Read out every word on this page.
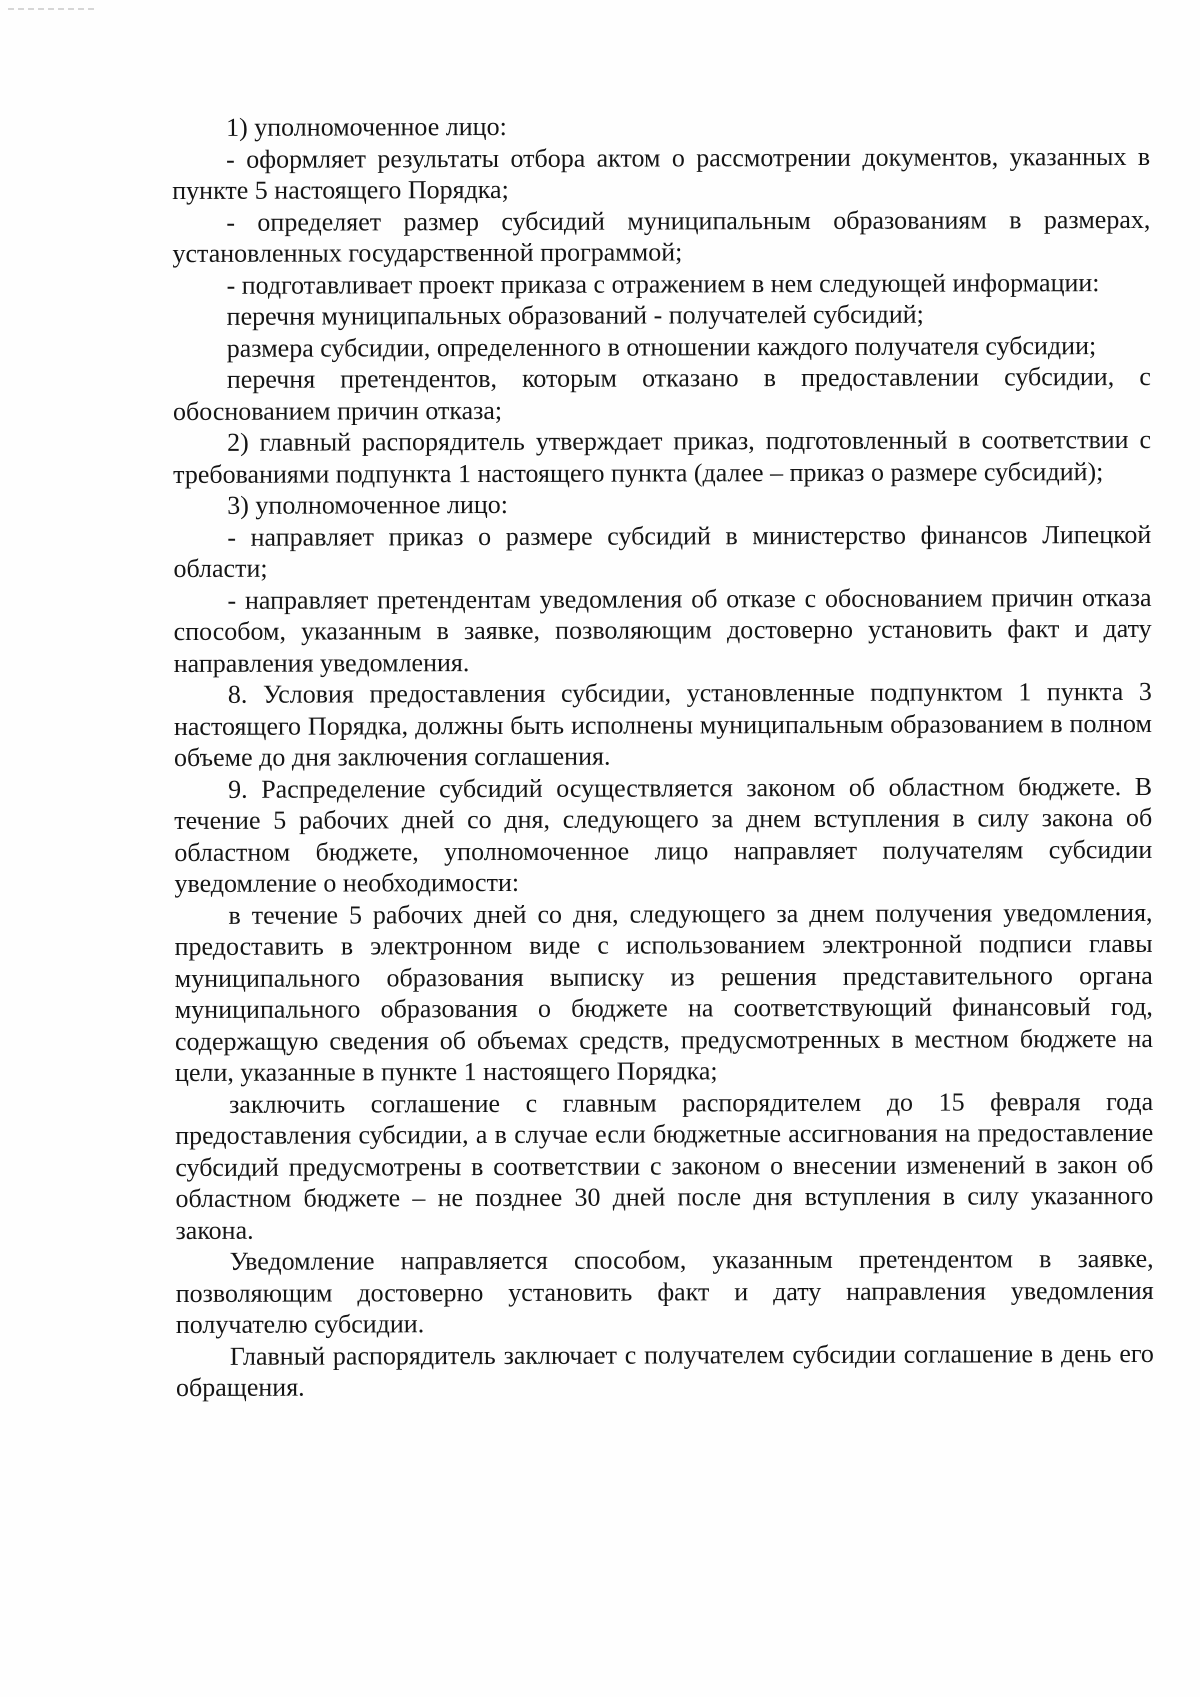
1) уполномоченное лицо:

- оформляет результаты отбора актом о рассмотрении документов, указанных в пункте 5 настоящего Порядка;

- определяет размер субсидий муниципальным образованиям в размерах, установленных государственной программой;

- подготавливает проект приказа с отражением в нем следующей информации:

перечня муниципальных образований - получателей субсидий;

размера субсидии, определенного в отношении каждого получателя субсидии;

перечня претендентов, которым отказано в предоставлении субсидии, с обоснованием причин отказа;

2) главный распорядитель утверждает приказ, подготовленный в соответствии с требованиями подпункта 1 настоящего пункта (далее – приказ о размере субсидий);

3) уполномоченное лицо:

- направляет приказ о размере субсидий в министерство финансов Липецкой области;

- направляет претендентам уведомления об отказе с обоснованием причин отказа способом, указанным в заявке, позволяющим достоверно установить факт и дату направления уведомления.

8. Условия предоставления субсидии, установленные подпунктом 1 пункта 3 настоящего Порядка, должны быть исполнены муниципальным образованием в полном объеме до дня заключения соглашения.

9. Распределение субсидий осуществляется законом об областном бюджете. В течение 5 рабочих дней со дня, следующего за днем вступления в силу закона об областном бюджете, уполномоченное лицо направляет получателям субсидии уведомление о необходимости:

в течение 5 рабочих дней со дня, следующего за днем получения уведомления, предоставить в электронном виде с использованием электронной подписи главы муниципального образования выписку из решения представительного органа муниципального образования о бюджете на соответствующий финансовый год, содержащую сведения об объемах средств, предусмотренных в местном бюджете на цели, указанные в пункте 1 настоящего Порядка;

заключить соглашение с главным распорядителем до 15 февраля года предоставления субсидии, а в случае если бюджетные ассигнования на предоставление субсидий предусмотрены в соответствии с законом о внесении изменений в закон об областном бюджете – не позднее 30 дней после дня вступления в силу указанного закона.

Уведомление направляется способом, указанным претендентом в заявке, позволяющим достоверно установить факт и дату направления уведомления получателю субсидии.

Главный распорядитель заключает с получателем субсидии соглашение в день его обращения.
